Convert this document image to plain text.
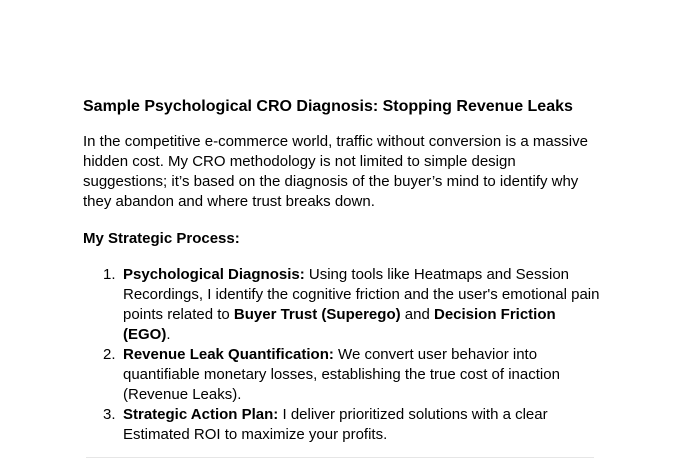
Sample Psychological CRO Diagnosis: Stopping Revenue Leaks
In the competitive e-commerce world, traffic without conversion is a massive hidden cost. My CRO methodology is not limited to simple design suggestions; it’s based on the diagnosis of the buyer’s mind to identify why they abandon and where trust breaks down.
My Strategic Process:
1. Psychological Diagnosis: Using tools like Heatmaps and Session Recordings, I identify the cognitive friction and the user's emotional pain points related to Buyer Trust (Superego) and Decision Friction (EGO).
2. Revenue Leak Quantification: We convert user behavior into quantifiable monetary losses, establishing the true cost of inaction (Revenue Leaks).
3. Strategic Action Plan: I deliver prioritized solutions with a clear Estimated ROI to maximize your profits.
